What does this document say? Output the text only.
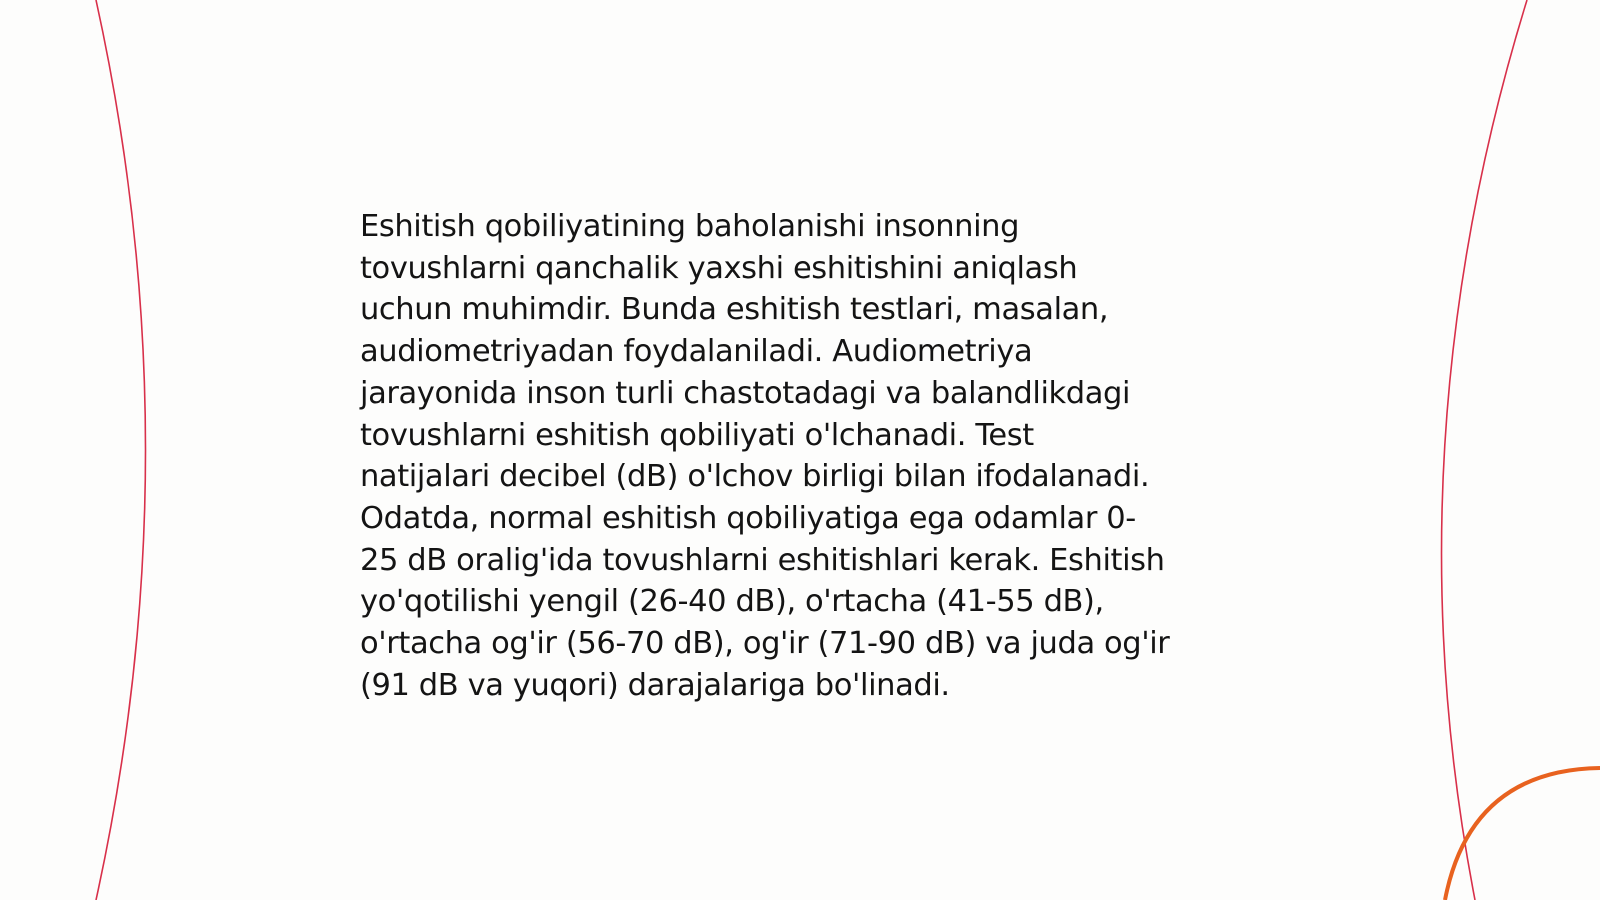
Eshitish qobiliyatining baholanishi insonning
tovushlarni qanchalik yaxshi eshitishini aniqlash
uchun muhimdir. Bunda eshitish testlari, masalan,
audiometriyadan foydalaniladi. Audiometriya
jarayonida inson turli chastotadagi va balandlikdagi
tovushlarni eshitish qobiliyati o'lchanadi. Test
natijalari decibel (dB) o'lchov birligi bilan ifodalanadi.
Odatda, normal eshitish qobiliyatiga ega odamlar 0-
25 dB oralig'ida tovushlarni eshitishlari kerak. Eshitish
yo'qotilishi yengil (26-40 dB), o'rtacha (41-55 dB),
o'rtacha og'ir (56-70 dB), og'ir (71-90 dB) va juda og'ir
(91 dB va yuqori) darajalariga bo'linadi.
